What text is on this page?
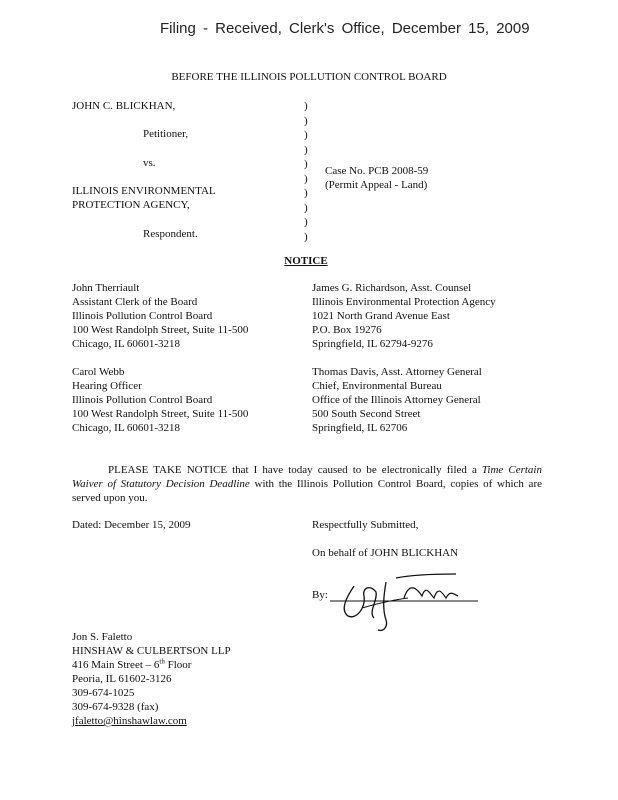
Filing - Received, Clerk's Office, December 15, 2009
BEFORE THE ILLINOIS POLLUTION CONTROL BOARD
JOHN C. BLICKHAN,
Petitioner,
vs.
ILLINOIS ENVIRONMENTAL
PROTECTION AGENCY,
Respondent.
)
)
)
)
)
)
)
)
)
)
Case No. PCB 2008-59
(Permit Appeal - Land)
NOTICE
John Therriault
Assistant Clerk of the Board
Illinois Pollution Control Board
100 West Randolph Street, Suite 11-500
Chicago, IL 60601-3218
James G. Richardson, Asst. Counsel
Illinois Environmental Protection Agency
1021 North Grand Avenue East
P.O. Box 19276
Springfield, IL 62794-9276
Carol Webb
Hearing Officer
Illinois Pollution Control Board
100 West Randolph Street, Suite 11-500
Chicago, IL 60601-3218
Thomas Davis, Asst. Attorney General
Chief, Environmental Bureau
Office of the Illinois Attorney General
500 South Second Street
Springfield, IL 62706
PLEASE TAKE NOTICE that I have today caused to be electronically filed a Time Certain Waiver of Statutory Decision Deadline with the Illinois Pollution Control Board, copies of which are served upon you.
Dated: December 15, 2009	Respectfully Submitted,
On behalf of JOHN BLICKHAN
By:
Jon S. Faletto
HINSHAW & CULBERTSON LLP
416 Main Street – 6th Floor
Peoria, IL 61602-3126
309-674-1025
309-674-9328 (fax)
jfaletto@hinshawlaw.com
